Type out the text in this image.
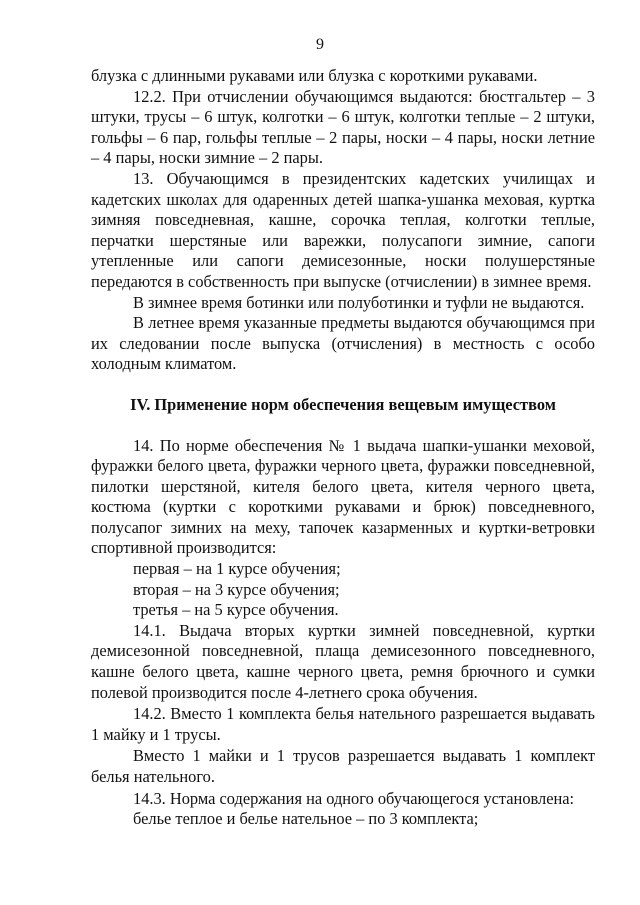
9

блузка с длинными рукавами или блузка с короткими рукавами.

12.2. При отчислении обучающимся выдаются: бюстгальтер – 3 штуки, трусы – 6 штук, колготки – 6 штук, колготки теплые – 2 штуки, гольфы – 6 пар, гольфы теплые – 2 пары, носки – 4 пары, носки летние – 4 пары, носки зимние – 2 пары.

13. Обучающимся в президентских кадетских училищах и кадетских школах для одаренных детей шапка-ушанка меховая, куртка зимняя повседневная, кашне, сорочка теплая, колготки теплые, перчатки шерстяные или варежки, полусапоги зимние, сапоги утепленные или сапоги демисезонные, носки полушерстяные передаются в собственность при выпуске (отчислении) в зимнее время.

В зимнее время ботинки или полуботинки и туфли не выдаются.

В летнее время указанные предметы выдаются обучающимся при их следовании после выпуска (отчисления) в местность с особо холодным климатом.

IV. Применение норм обеспечения вещевым имуществом

14. По норме обеспечения № 1 выдача шапки-ушанки меховой, фуражки белого цвета, фуражки черного цвета, фуражки повседневной, пилотки шерстяной, кителя белого цвета, кителя черного цвета, костюма (куртки с короткими рукавами и брюк) повседневного, полусапог зимних на меху, тапочек казарменных и куртки-ветровки спортивной производится:

первая – на 1 курсе обучения;

вторая – на 3 курсе обучения;

третья – на 5 курсе обучения.

14.1. Выдача вторых куртки зимней повседневной, куртки демисезонной повседневной, плаща демисезонного повседневного, кашне белого цвета, кашне черного цвета, ремня брючного и сумки полевой производится после 4-летнего срока обучения.

14.2. Вместо 1 комплекта белья нательного разрешается выдавать 1 майку и 1 трусы.

Вместо 1 майки и 1 трусов разрешается выдавать 1 комплект белья нательного.

14.3. Норма содержания на одного обучающегося установлена:

белье теплое и белье нательное – по 3 комплекта;
